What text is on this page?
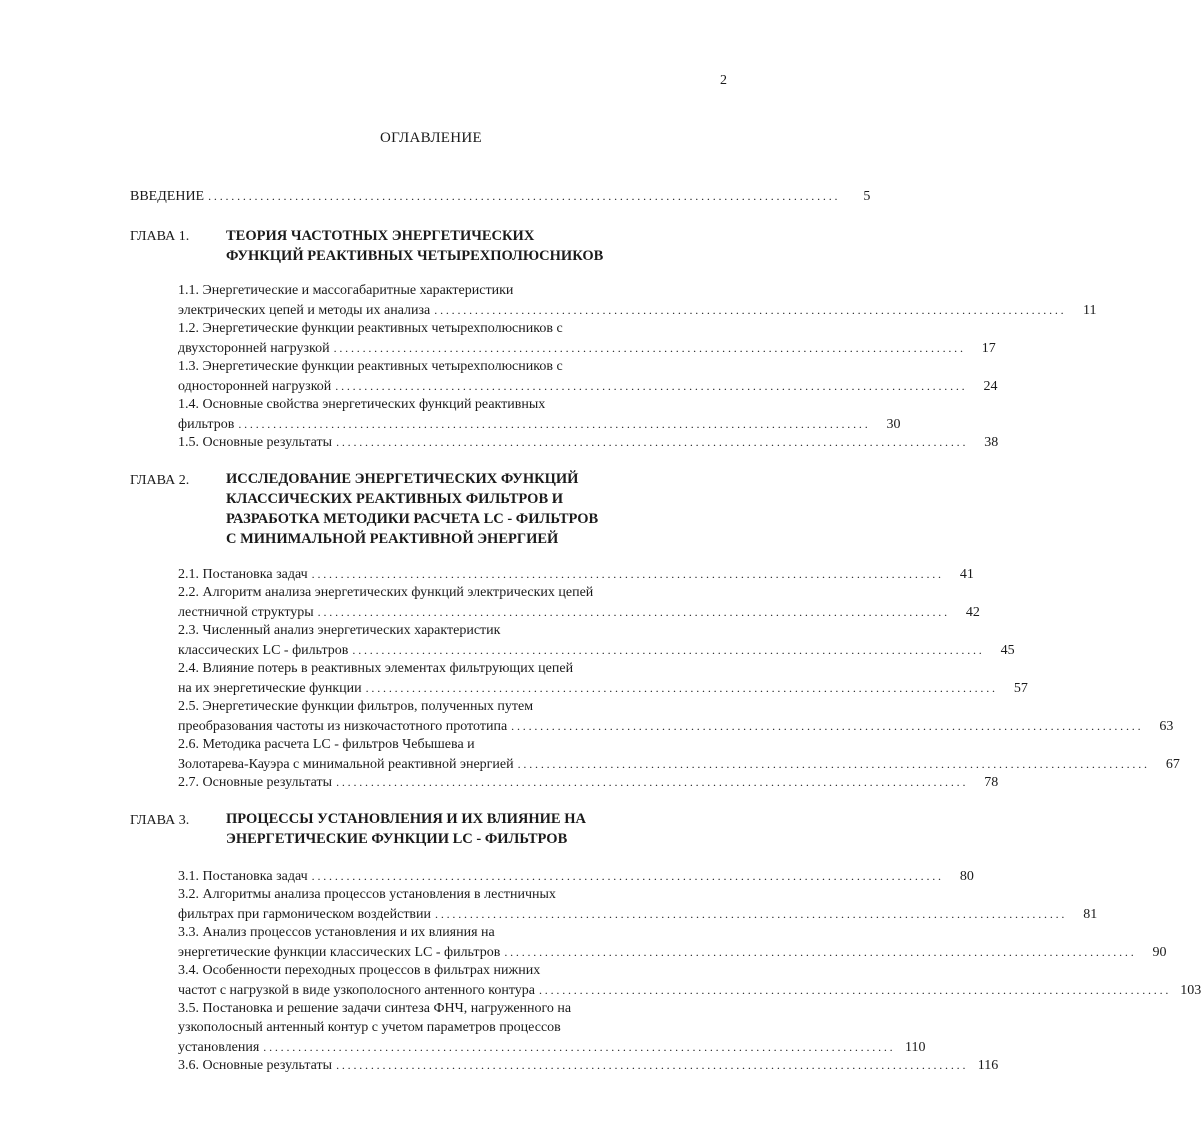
2
ОГЛАВЛЕНИЕ
ВВЕДЕНИЕ .............................................................................................................	5
ГЛАВА 1.	ТЕОРИЯ ЧАСТОТНЫХ ЭНЕРГЕТИЧЕСКИХ
ФУНКЦИЙ РЕАКТИВНЫХ ЧЕТЫРЕХПОЛЮСНИКОВ
1.1. Энергетические и массогабаритные характеристики
электрических цепей и методы их анализа .............................................................................................................	11
1.2. Энергетические функции реактивных четырехполюсников с
двухсторонней нагрузкой .............................................................................................................	17
1.3. Энергетические функции реактивных четырехполюсников с
односторонней нагрузкой .............................................................................................................	24
1.4. Основные свойства энергетических функций реактивных
фильтров .............................................................................................................	30
1.5. Основные результаты .............................................................................................................	38
ГЛАВА 2.	ИССЛЕДОВАНИЕ ЭНЕРГЕТИЧЕСКИХ ФУНКЦИЙ
КЛАССИЧЕСКИХ РЕАКТИВНЫХ ФИЛЬТРОВ И
РАЗРАБОТКА МЕТОДИКИ РАСЧЕТА LC - ФИЛЬТРОВ
С МИНИМАЛЬНОЙ РЕАКТИВНОЙ ЭНЕРГИЕЙ
2.1. Постановка задач .............................................................................................................	41
2.2. Алгоритм анализа энергетических функций электрических цепей
лестничной структуры .............................................................................................................	42
2.3. Численный анализ энергетических характеристик
классических LC - фильтров .............................................................................................................	45
2.4. Влияние потерь в реактивных элементах фильтрующих цепей
на их энергетические функции .............................................................................................................	57
2.5. Энергетические функции фильтров, полученных путем
преобразования частоты из низкочастотного прототипа .............................................................................................................	63
2.6. Методика расчета LC - фильтров Чебышева и
Золотарева-Кауэра с минимальной реактивной энергией .............................................................................................................	67
2.7. Основные результаты .............................................................................................................	78
ГЛАВА 3.	ПРОЦЕССЫ УСТАНОВЛЕНИЯ И ИХ ВЛИЯНИЕ НА
ЭНЕРГЕТИЧЕСКИЕ ФУНКЦИИ LC - ФИЛЬТРОВ
3.1. Постановка задач .............................................................................................................	80
3.2. Алгоритмы анализа процессов установления в лестничных
фильтрах при гармоническом воздействии .............................................................................................................	81
3.3. Анализ процессов установления и их влияния на
энергетические функции классических LC - фильтров .............................................................................................................	90
3.4. Особенности переходных процессов в фильтрах нижних
частот с нагрузкой в виде узкополосного антенного контура ............................................................................................................. 103
3.5. Постановка и решение задачи синтеза ФНЧ, нагруженного на
узкополосный антенный контур с учетом параметров процессов
установления ............................................................................................................. 110
3.6. Основные результаты ............................................................................................................. 116
